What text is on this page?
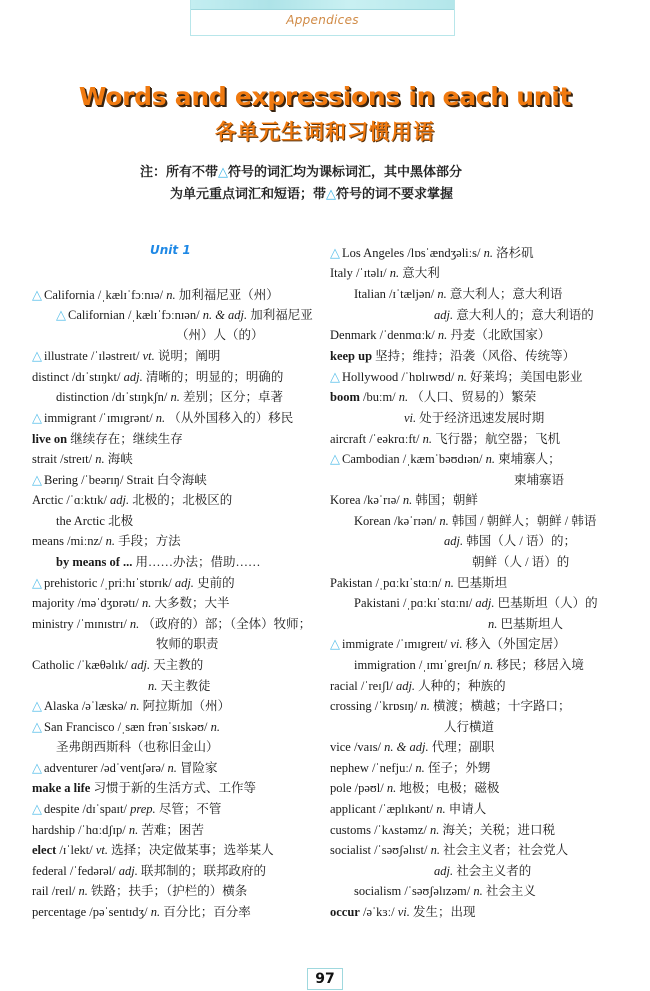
Appendices
Words and expressions in each unit
各单元生词和习惯用语
注：所有不带△符号的词汇均为课标词汇，其中黑体部分
为单元重点词汇和短语；带△符号的词不要求掌握
Unit 1
△ California /ˌkælɪˈfɔːnɪə/ n. 加利福尼亚（州）
△ Californian /ˌkælɪˈfɔːnɪən/ n. & adj. 加利福尼亚
（州）人（的）
△ illustrate /ˈɪləstreɪt/ vt. 说明；阐明
distinct /dɪˈstɪŋkt/ adj. 清晰的；明显的；明确的
distinction /dɪˈstɪŋkʃn/ n. 差别；区分；卓著
△ immigrant /ˈɪmɪgrənt/ n. （从外国移入的）移民
live on 继续存在；继续生存
strait /streɪt/ n. 海峡
△ Bering /ˈbeərɪŋ/ Strait 白令海峡
Arctic /ˈɑːktɪk/ adj. 北极的；北极区的
the Arctic 北极
means /miːnz/ n. 手段；方法
by means of ... 用……办法；借助……
△ prehistoric /ˌpriːhɪˈstɒrɪk/ adj. 史前的
majority /məˈdʒɒrətɪ/ n. 大多数；大半
ministry /ˈmɪnɪstrɪ/ n. （政府的）部；（全体）牧师；
牧师的职责
Catholic /ˈkæθəlɪk/ adj. 天主教的
n. 天主教徒
△ Alaska /əˈlæskə/ n. 阿拉斯加（州）
△ San Francisco /ˌsæn frənˈsɪskəʊ/ n.
圣弗朗西斯科（也称旧金山）
△ adventurer /ədˈventʃərə/ n. 冒险家
make a life 习惯于新的生活方式、工作等
△ despite /dɪˈspaɪt/ prep. 尽管；不管
hardship /ˈhɑːdʃɪp/ n. 苦难；困苦
elect /ɪˈlekt/ vt. 选择；决定做某事；选举某人
federal /ˈfedərəl/ adj. 联邦制的；联邦政府的
rail /reɪl/ n. 铁路；扶手；（护栏的）横条
percentage /pəˈsentɪdʒ/ n. 百分比；百分率
△ Los Angeles /lɒsˈændʒəliːs/ n. 洛杉矶
Italy /ˈɪtəlɪ/ n. 意大利
Italian /ɪˈtæljən/ n. 意大利人；意大利语
adj. 意大利人的；意大利语的
Denmark /ˈdenmɑːk/ n. 丹麦（北欧国家）
keep up 坚持；维持；沿袭（风俗、传统等）
△ Hollywood /ˈhɒlɪwʊd/ n. 好莱坞；美国电影业
boom /buːm/ n. （人口、贸易的）繁荣
vi. 处于经济迅速发展时期
aircraft /ˈeəkrɑːft/ n. 飞行器；航空器；飞机
△ Cambodian /ˌkæmˈbəʊdɪən/ n. 柬埔寨人；
柬埔寨语
Korea /kəˈrɪə/ n. 韩国；朝鲜
Korean /kəˈrɪən/ n. 韩国 / 朝鲜人；朝鲜 / 韩语
adj. 韩国（人 / 语）的；
朝鲜（人 / 语）的
Pakistan /ˌpɑːkɪˈstɑːn/ n. 巴基斯坦
Pakistani /ˌpɑːkɪˈstɑːnɪ/ adj. 巴基斯坦（人）的
n. 巴基斯坦人
△ immigrate /ˈɪmɪgreɪt/ vi. 移入（外国定居）
immigration /ˌɪmɪˈgreɪʃn/ n. 移民；移居入境
racial /ˈreɪʃl/ adj. 人种的；种族的
crossing /ˈkrɒsɪŋ/ n. 横渡；横越；十字路口；
人行横道
vice /vaɪs/ n. & adj. 代理；副职
nephew /ˈnefjuː/ n. 侄子；外甥
pole /pəʊl/ n. 地极；电极；磁极
applicant /ˈæplɪkənt/ n. 申请人
customs /ˈkʌstəmz/ n. 海关；关税；进口税
socialist /ˈsəʊʃəlɪst/ n. 社会主义者；社会党人
adj. 社会主义者的
socialism /ˈsəʊʃəlɪzəm/ n. 社会主义
occur /əˈkɜː/ vi. 发生；出现
97
